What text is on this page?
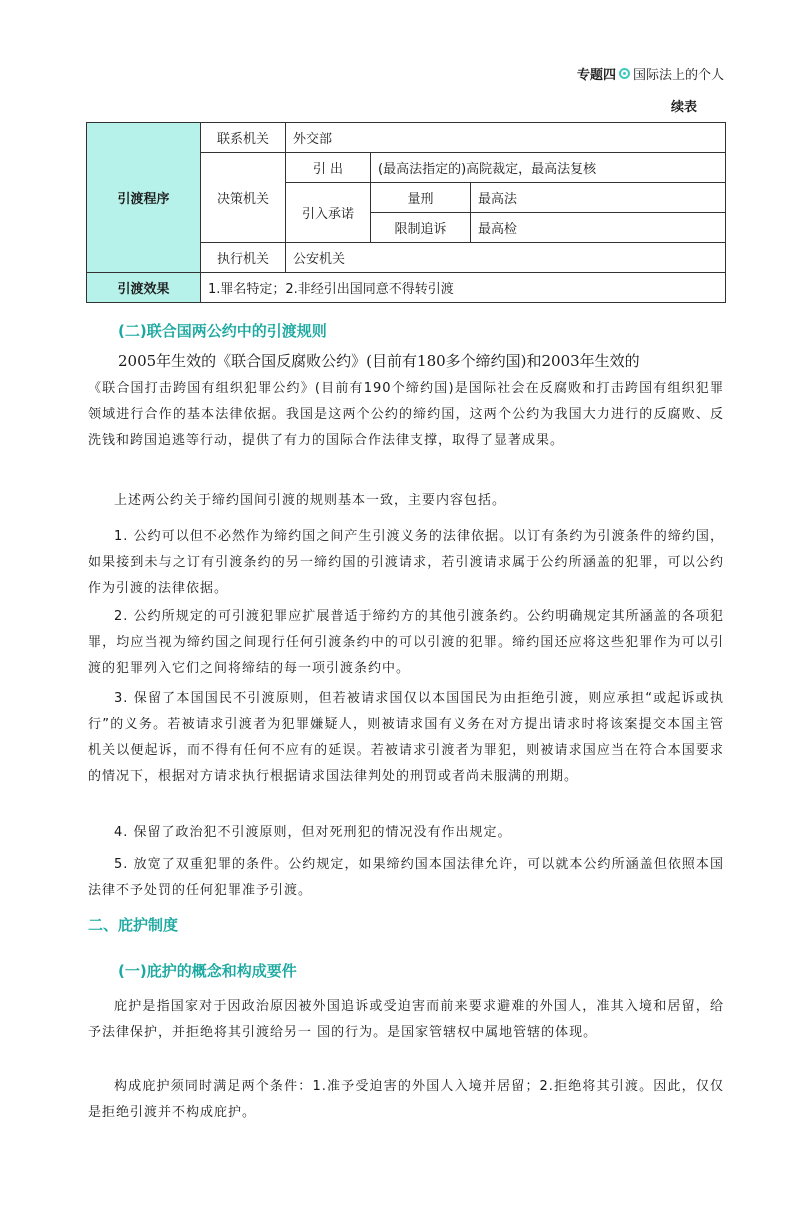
专题四 国际法上的个人
续表
引渡程序	联系机关	外交部		
	决策机关	引 出	(最高法指定的)高院裁定，最高法复核	
		引入承诺	量刑	最高法
			限制追诉	最高检
	执行机关	公安机关		
引渡效果	1.罪名特定；2.非经引出国同意不得转引渡			
(二)联合国两公约中的引渡规则
2005年生效的《联合国反腐败公约》(目前有180多个缔约国)和2003年生效的
《联合国打击跨国有组织犯罪公约》(目前有190个缔约国)是国际社会在反腐败和打击跨国有组织犯罪领域进行合作的基本法律依据。我国是这两个公约的缔约国，这两个公约为我国大力进行的反腐败、反洗钱和跨国追逃等行动，提供了有力的国际合作法律支撑，取得了显著成果。
上述两公约关于缔约国间引渡的规则基本一致，主要内容包括。
1. 公约可以但不必然作为缔约国之间产生引渡义务的法律依据。以订有条约为引渡条件的缔约国，如果接到未与之订有引渡条约的另一缔约国的引渡请求，若引渡请求属于公约所涵盖的犯罪，可以公约作为引渡的法律依据。
2. 公约所规定的可引渡犯罪应扩展普适于缔约方的其他引渡条约。公约明确规定其所涵盖的各项犯罪，均应当视为缔约国之间现行任何引渡条约中的可以引渡的犯罪。缔约国还应将这些犯罪作为可以引渡的犯罪列入它们之间将缔结的每一项引渡条约中。
3. 保留了本国国民不引渡原则，但若被请求国仅以本国国民为由拒绝引渡，则应承担“或起诉或执行”的义务。若被请求引渡者为犯罪嫌疑人，则被请求国有义务在对方提出请求时将该案提交本国主管机关以便起诉，而不得有任何不应有的延误。若被请求引渡者为罪犯，则被请求国应当在符合本国要求的情况下，根据对方请求执行根据请求国法律判处的刑罚或者尚未服满的刑期。
4. 保留了政治犯不引渡原则，但对死刑犯的情况没有作出规定。
5. 放宽了双重犯罪的条件。公约规定，如果缔约国本国法律允许，可以就本公约所涵盖但依照本国法律不予处罚的任何犯罪准予引渡。
二、庇护制度
(一)庇护的概念和构成要件
庇护是指国家对于因政治原因被外国追诉或受迫害而前来要求避难的外国人，准其入境和居留，给予法律保护，并拒绝将其引渡给另一 国的行为。是国家管辖权中属地管辖的体现。
构成庇护须同时满足两个条件：1.准予受迫害的外国人入境并居留；2.拒绝将其引渡。因此，仅仅是拒绝引渡并不构成庇护。
